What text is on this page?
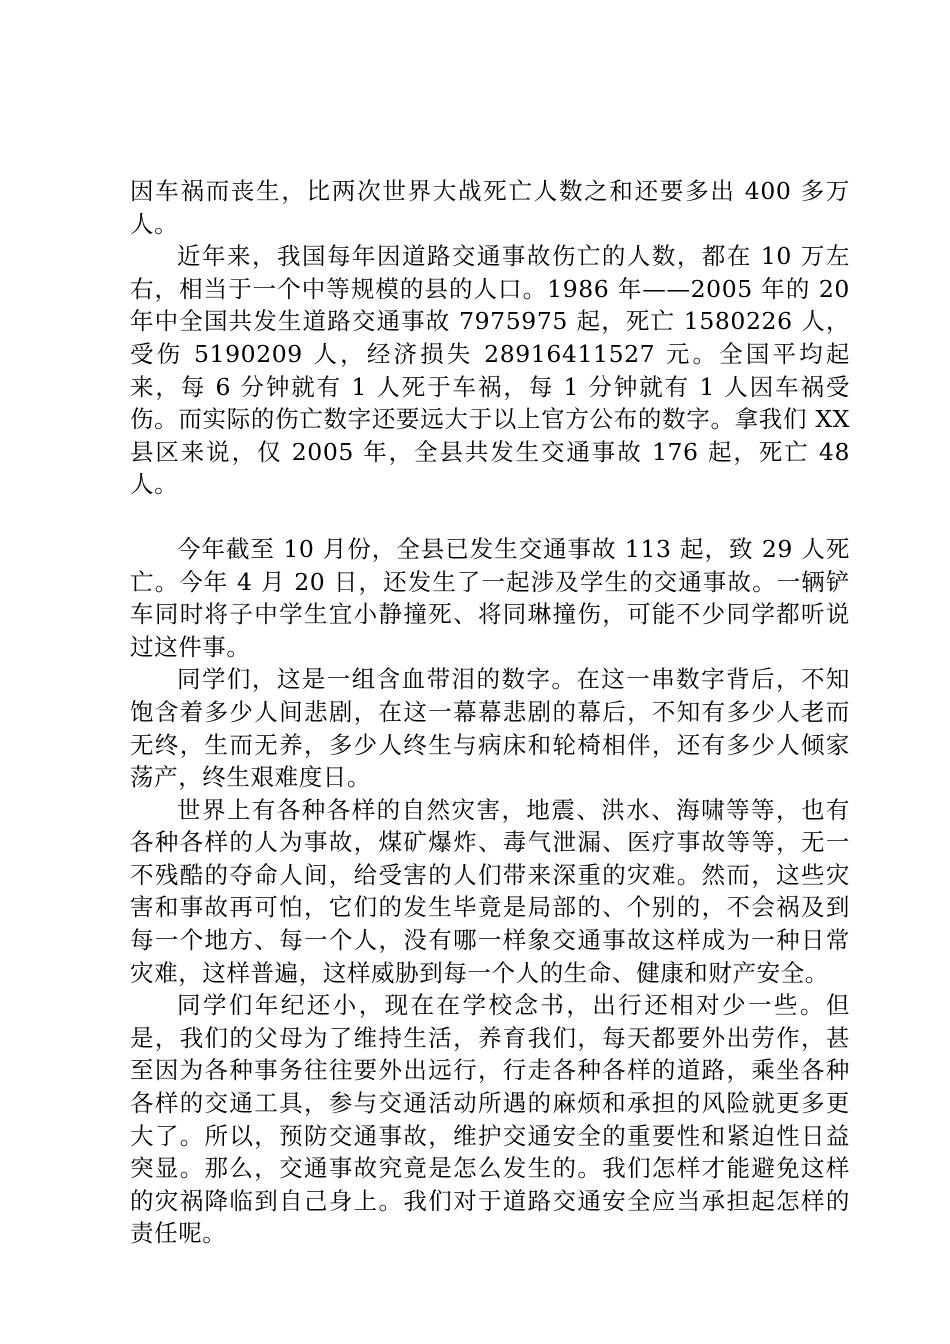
因车祸而丧生，比两次世界大战死亡人数之和还要多出 400 多万人。

近年来，我国每年因道路交通事故伤亡的人数，都在 10 万左右，相当于一个中等规模的县的人口。1986 年——2005 年的 20 年中全国共发生道路交通事故 7975975 起，死亡 1580226 人，受伤 5190209 人，经济损失 28916411527 元。全国平均起来，每 6 分钟就有 1 人死于车祸，每 1 分钟就有 1 人因车祸受伤。而实际的伤亡数字还要远大于以上官方公布的数字。拿我们 XX 县区来说，仅 2005 年，全县共发生交通事故 176 起，死亡 48 人。

今年截至 10 月份，全县已发生交通事故 113 起，致 29 人死亡。今年 4 月 20 日，还发生了一起涉及学生的交通事故。一辆铲车同时将子中学生宜小静撞死、将同琳撞伤，可能不少同学都听说过这件事。

同学们，这是一组含血带泪的数字。在这一串数字背后，不知饱含着多少人间悲剧，在这一幕幕悲剧的幕后，不知有多少人老而无终，生而无养，多少人终生与病床和轮椅相伴，还有多少人倾家荡产，终生艰难度日。

世界上有各种各样的自然灾害，地震、洪水、海啸等等，也有各种各样的人为事故，煤矿爆炸、毒气泄漏、医疗事故等等，无一不残酷的夺命人间，给受害的人们带来深重的灾难。然而，这些灾害和事故再可怕，它们的发生毕竟是局部的、个别的，不会祸及到每一个地方、每一个人，没有哪一样象交通事故这样成为一种日常灾难，这样普遍，这样威胁到每一个人的生命、健康和财产安全。

同学们年纪还小，现在在学校念书，出行还相对少一些。但是，我们的父母为了维持生活，养育我们，每天都要外出劳作，甚至因为各种事务往往要外出远行，行走各种各样的道路，乘坐各种各样的交通工具，参与交通活动所遇的麻烦和承担的风险就更多更大了。所以，预防交通事故，维护交通安全的重要性和紧迫性日益突显。那么，交通事故究竟是怎么发生的。我们怎样才能避免这样的灾祸降临到自己身上。我们对于道路交通安全应当承担起怎样的责任呢。
